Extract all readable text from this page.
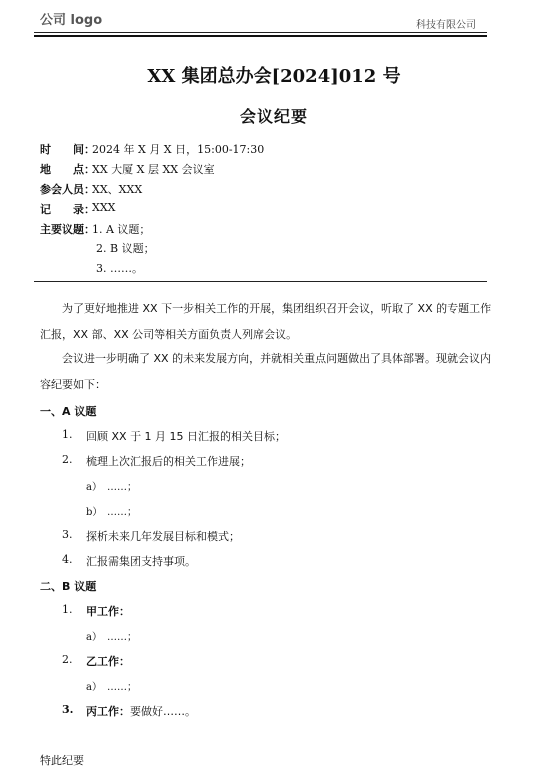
公司 logo	科技有限公司
XX 集团总办会[2024]012 号
会议纪要
时　　间：
2024 年 X 月 X 日，15:00-17:30
地　　点：
XX 大厦 X 层 XX 会议室
参会人员：
XX、XXX
记　　录：
XXX
主要议题：
1. A 议题；
2. B 议题；
3. ……。
为了更好地推进 XX 下一步相关工作的开展，集团组织召开会议，听取了 XX 的专题工作汇报，XX 部、XX 公司等相关方面负责人列席会议。
会议进一步明确了 XX 的未来发展方向，并就相关重点问题做出了具体部署。现就会议内容纪要如下：
一、A 议题
1. 回顾 XX 于 1 月 15 日汇报的相关目标；
2. 梳理上次汇报后的相关工作进展；
a） ……；
b） ……；
3. 探析未来几年发展目标和模式；
4. 汇报需集团支持事项。
二、B 议题
1. 甲工作：
a） ……；
2. 乙工作：
a） ……；
3. 丙工作：要做好……。
特此纪要
